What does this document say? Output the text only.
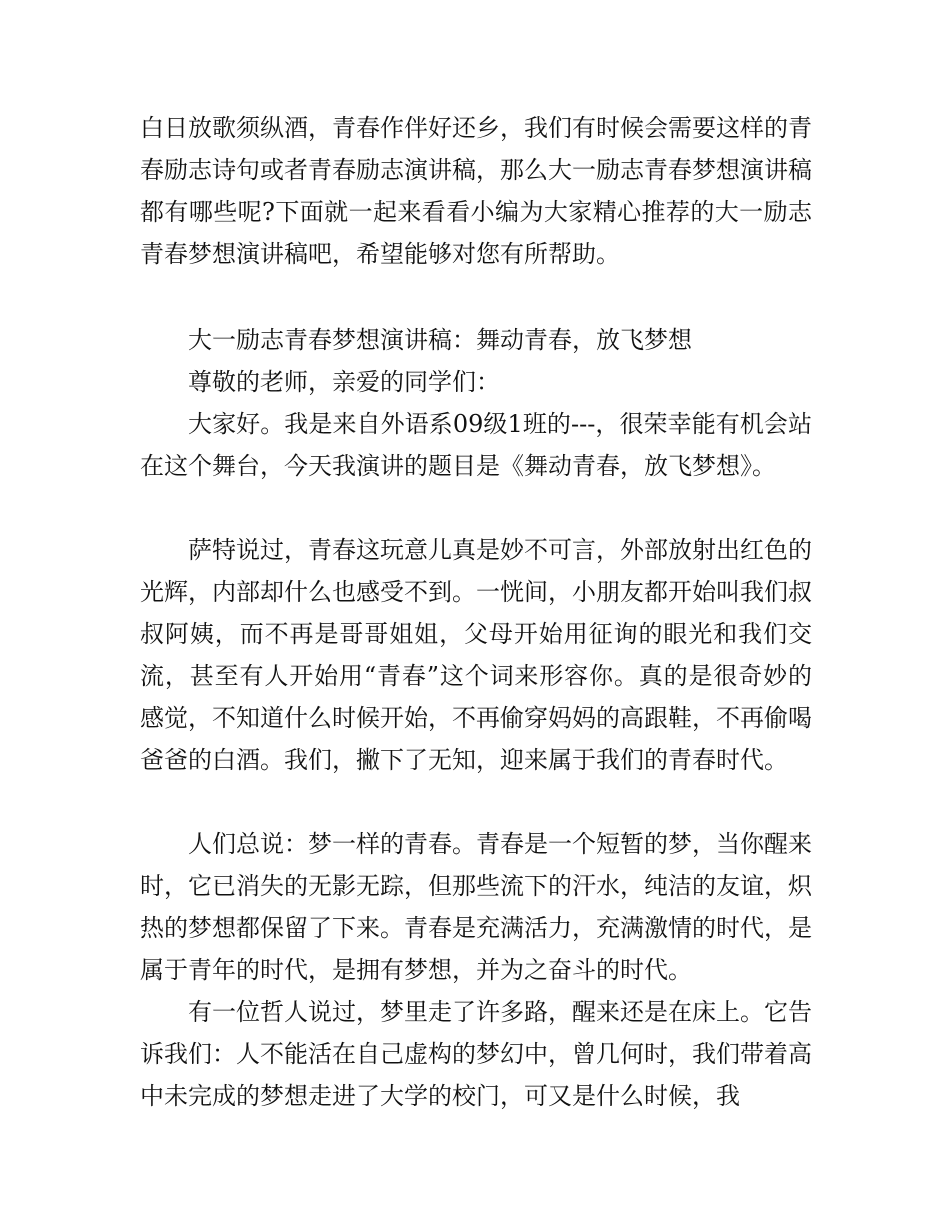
白日放歌须纵酒，青春作伴好还乡，我们有时候会需要这样的青春励志诗句或者青春励志演讲稿，那么大一励志青春梦想演讲稿都有哪些呢?下面就一起来看看小编为大家精心推荐的大一励志青春梦想演讲稿吧，希望能够对您有所帮助。

大一励志青春梦想演讲稿：舞动青春，放飞梦想

尊敬的老师，亲爱的同学们：

大家好。我是来自外语系09级1班的---，很荣幸能有机会站在这个舞台，今天我演讲的题目是《舞动青春，放飞梦想》。

萨特说过，青春这玩意儿真是妙不可言，外部放射出红色的光辉，内部却什么也感受不到。一恍间，小朋友都开始叫我们叔叔阿姨，而不再是哥哥姐姐，父母开始用征询的眼光和我们交流，甚至有人开始用“青春”这个词来形容你。真的是很奇妙的感觉，不知道什么时候开始，不再偷穿妈妈的高跟鞋，不再偷喝爸爸的白酒。我们，撇下了无知，迎来属于我们的青春时代。

人们总说：梦一样的青春。青春是一个短暂的梦，当你醒来时，它已消失的无影无踪，但那些流下的汗水，纯洁的友谊，炽热的梦想都保留了下来。青春是充满活力，充满激情的时代，是属于青年的时代，是拥有梦想，并为之奋斗的时代。

有一位哲人说过，梦里走了许多路，醒来还是在床上。它告诉我们：人不能活在自己虚构的梦幻中，曾几何时，我们带着高中未完成的梦想走进了大学的校门，可又是什么时候，我
